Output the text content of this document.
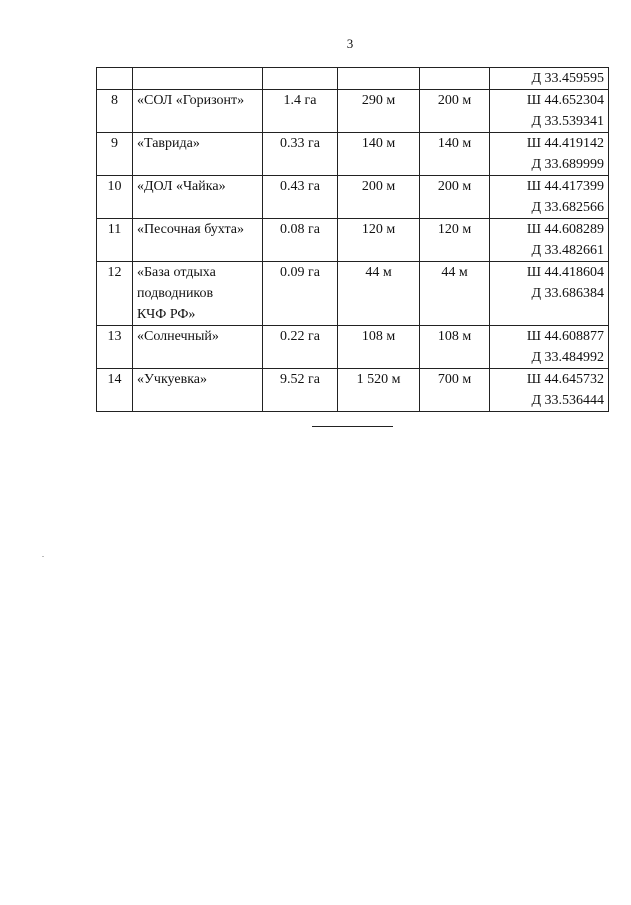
3

					Д 33.459595

8	«СОЛ «Горизонт»	1.4 га	290 м	200 м	Ш 44.652304
Д 33.539341

9	«Таврида»	0.33 га	140 м	140 м	Ш 44.419142
Д 33.689999

10	«ДОЛ «Чайка»	0.43 га	200 м	200 м	Ш 44.417399
Д 33.682566

11	«Песочная бухта»	0.08 га	120 м	120 м	Ш 44.608289
Д 33.482661

12	«База отдыха
подводников
КЧФ РФ»	0.09 га	44 м	44 м	Ш 44.418604
Д 33.686384

13	«Солнечный»	0.22 га	108 м	108 м	Ш 44.608877
Д 33.484992

14	«Учкуевка»	9.52 га	1 520 м	700 м	Ш 44.645732
Д 33.536444
